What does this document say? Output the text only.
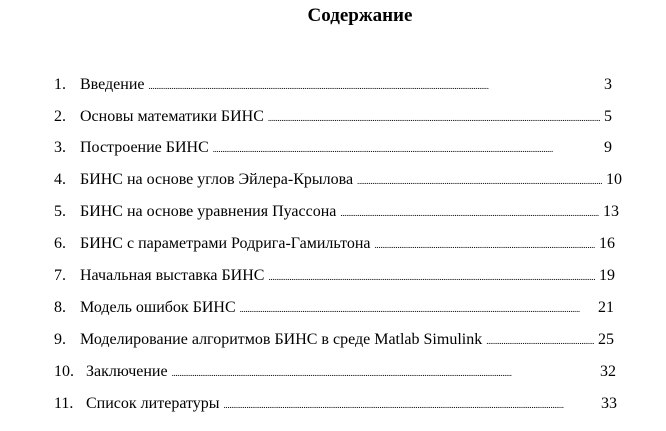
Содержание
1. Введение . . .	3
2. Основы математики БИНС . . .	5
3. Построение БИНС . . .	9
4. БИНС на основе углов Эйлера-Крылова . . .	10
5. БИНС на основе уравнения Пуассона . . .	13
6. БИНС с параметрами Родрига-Гамильтона . . .	16
7. Начальная выставка БИНС . . .	19
8. Модель ошибок БИНС . . .	21
9. Моделирование алгоритмов БИНС в среде Matlab Simulink . . .	25
10. Заключение . . .	32
11. Список литературы . . .	33
